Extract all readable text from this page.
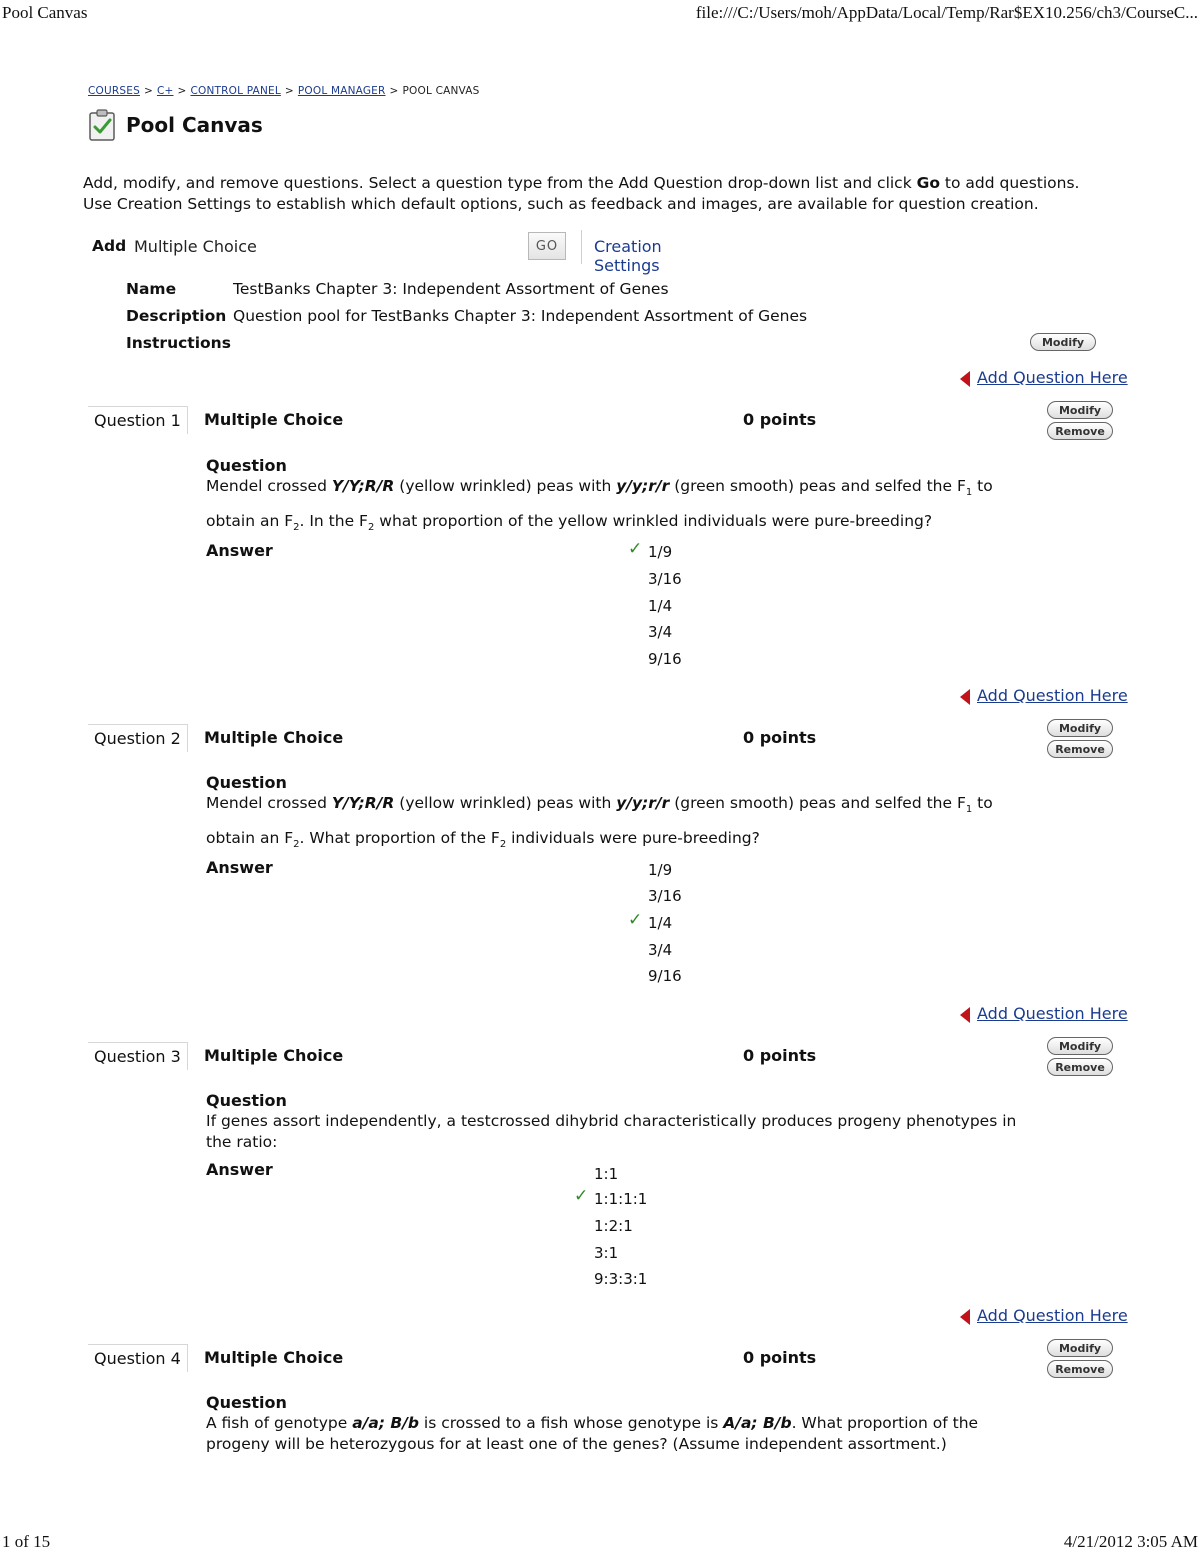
Pool Canvas	file:///C:/Users/moh/AppData/Local/Temp/Rar$EX10.256/ch3/CourseC...
1 of 15	4/21/2012 3:05 AM
COURSES > C+ > CONTROL PANEL > POOL MANAGER > POOL CANVAS
Pool Canvas
Add, modify, and remove questions. Select a question type from the Add Question drop-down list and click Go to add questions. Use Creation Settings to establish which default options, such as feedback and images, are available for question creation.
Add Multiple Choice	GO	Creation Settings
Name	TestBanks Chapter 3: Independent Assortment of Genes
Description Question pool for TestBanks Chapter 3: Independent Assortment of Genes
Instructions	Modify
Add Question Here
Question 1	Multiple Choice	0 points	Modify
Remove
Question
Mendel crossed Y/Y;R/R (yellow wrinkled) peas with y/y;r/r (green smooth) peas and selfed the $F_1$ to obtain an $F_2$. In the $F_2$ what proportion of the yellow wrinkled individuals were pure-breeding?
Answer	✓ 1/9
3/16
1/4
3/4
9/16
Add Question Here
Question 2	Multiple Choice	0 points	Modify
Remove
Question
Mendel crossed Y/Y;R/R (yellow wrinkled) peas with y/y;r/r (green smooth) peas and selfed the $F_1$ to obtain an $F_2$. What proportion of the $F_2$ individuals were pure-breeding?
Answer	1/9
3/16
✓ 1/4
3/4
9/16
Add Question Here
Question 3	Multiple Choice	0 points	Modify
Remove
Question
If genes assort independently, a testcrossed dihybrid characteristically produces progeny phenotypes in the ratio:
Answer	1:1
✓ 1:1:1:1
1:2:1
3:1
9:3:3:1
Add Question Here
Question 4	Multiple Choice	0 points	Modify
Remove
Question
A fish of genotype a/a; B/b is crossed to a fish whose genotype is A/a; B/b. What proportion of the progeny will be heterozygous for at least one of the genes? (Assume independent assortment.)
